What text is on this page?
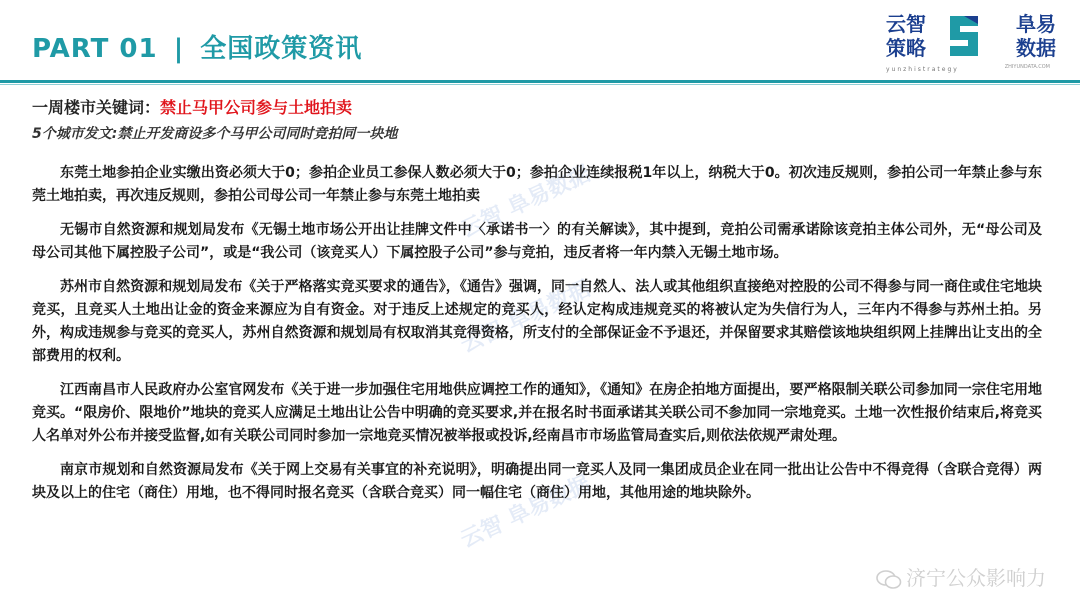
PART 01 | 全国政策资讯
云智
策略
阜易
数据
yunzhistrategy	ZHIYUNDATA.COM
云智 阜易数据
云智 阜易数据
云智 阜易数据
一周楼市关键词：禁止马甲公司参与土地拍卖
5个城市发文:禁止开发商设多个马甲公司同时竞拍同一块地
东莞土地参拍企业实缴出资必须大于0；参拍企业员工参保人数必须大于0；参拍企业连续报税1年以上，纳税大于0。初次违反规则，参拍公司一年禁止参与东莞土地拍卖，再次违反规则，参拍公司母公司一年禁止参与东莞土地拍卖
无锡市自然资源和规划局发布《无锡土地市场公开出让挂牌文件中〈承诺书一〉的有关解读》，其中提到，竞拍公司需承诺除该竞拍主体公司外，无“母公司及母公司其他下属控股子公司”，或是“我公司（该竞买人）下属控股子公司”参与竞拍，违反者将一年内禁入无锡土地市场。
苏州市自然资源和规划局发布《关于严格落实竞买要求的通告》，《通告》强调，同一自然人、法人或其他组织直接绝对控股的公司不得参与同一商住或住宅地块竞买，且竞买人土地出让金的资金来源应为自有资金。对于违反上述规定的竞买人，经认定构成违规竞买的将被认定为失信行为人，三年内不得参与苏州土拍。另外，构成违规参与竞买的竞买人，苏州自然资源和规划局有权取消其竞得资格，所支付的全部保证金不予退还，并保留要求其赔偿该地块组织网上挂牌出让支出的全部费用的权利。
江西南昌市人民政府办公室官网发布《关于进一步加强住宅用地供应调控工作的通知》，《通知》在房企拍地方面提出，要严格限制关联公司参加同一宗住宅用地竞买。“限房价、限地价”地块的竞买人应满足土地出让公告中明确的竞买要求,并在报名时书面承诺其关联公司不参加同一宗地竞买。土地一次性报价结束后,将竞买人名单对外公布并接受监督,如有关联公司同时参加一宗地竞买情况被举报或投诉,经南昌市市场监管局查实后,则依法依规严肃处理。
南京市规划和自然资源局发布《关于网上交易有关事宜的补充说明》，明确提出同一竞买人及同一集团成员企业在同一批出让公告中不得竞得（含联合竞得）两块及以上的住宅（商住）用地，也不得同时报名竞买（含联合竞买）同一幅住宅（商住）用地，其他用途的地块除外。
济宁公众影响力
